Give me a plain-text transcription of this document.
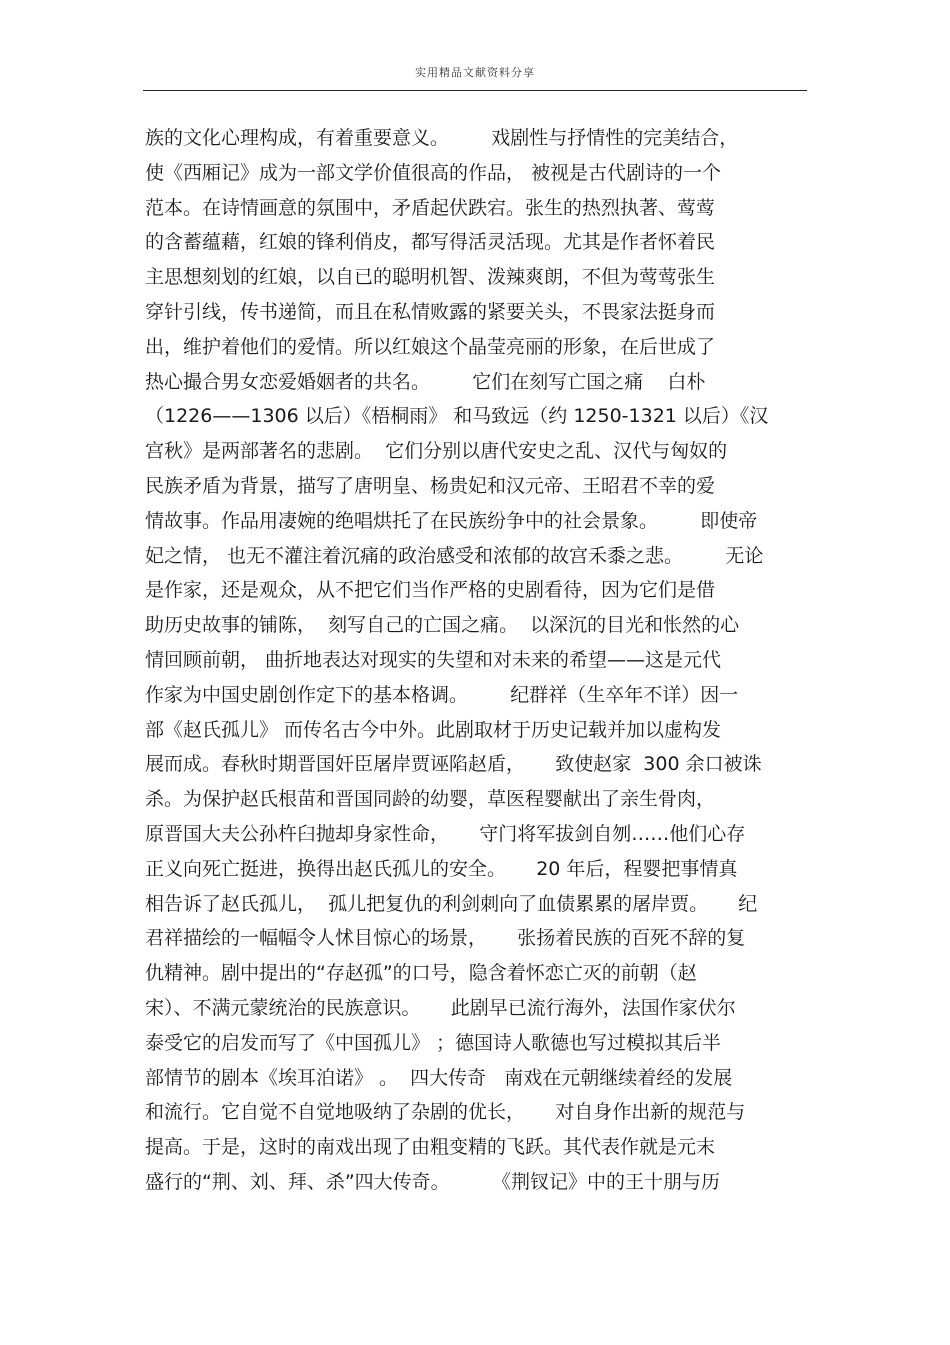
实用精品文献资料分享
族的文化心理构成，有着重要意义。       戏剧性与抒情性的完美结合，
使《西厢记》成为一部文学价值很高的作品， 被视是古代剧诗的一个
范本。在诗情画意的氛围中，矛盾起伏跌宕。张生的热烈执著、莺莺
的含蓄蕴藉，红娘的锋利俏皮，都写得活灵活现。尤其是作者怀着民
主思想刻划的红娘，以自已的聪明机智、泼辣爽朗，不但为莺莺张生
穿针引线，传书递简，而且在私情败露的紧要关头，不畏家法挺身而
出，维护着他们的爱情。所以红娘这个晶莹亮丽的形象，在后世成了
热心撮合男女恋爱婚姻者的共名。       它们在刻写亡国之痛    白朴
（1226——1306 以后）《梧桐雨》 和马致远（约 1250-1321 以后）《汉
宫秋》是两部著名的悲剧。  它们分别以唐代安史之乱、汉代与匈奴的
民族矛盾为背景，描写了唐明皇、杨贵妃和汉元帝、王昭君不幸的爱
情故事。作品用凄婉的绝唱烘托了在民族纷争中的社会景象。       即使帝
妃之情， 也无不灌注着沉痛的政治感受和浓郁的故宫禾黍之悲。       无论
是作家，还是观众，从不把它们当作严格的史剧看待，因为它们是借
助历史故事的铺陈，  刻写自己的亡国之痛。  以深沉的目光和怅然的心
情回顾前朝， 曲折地表达对现实的失望和对未来的希望——这是元代
作家为中国史剧创作定下的基本格调。       纪群祥（生卒年不详）因一
部《赵氏孤儿》 而传名古今中外。此剧取材于历史记载并加以虚构发
展而成。春秋时期晋国奸臣屠岸贾诬陷赵盾，     致使赵家  300 余口被诛
杀。为保护赵氏根苗和晋国同龄的幼婴，草医程婴献出了亲生骨肉，
原晋国大夫公孙杵臼抛却身家性命，     守门将军拔剑自刎……他们心存
正义向死亡挺进，换得出赵氏孤儿的安全。     20 年后，程婴把事情真
相告诉了赵氏孤儿，  孤儿把复仇的利剑刺向了血债累累的屠岸贾。     纪
君祥描绘的一幅幅令人怵目惊心的场景，     张扬着民族的百死不辞的复
仇精神。剧中提出的“存赵孤”的口号，隐含着怀恋亡灭的前朝（赵
宋）、不满元蒙统治的民族意识。     此剧早已流行海外，法国作家伏尔
泰受它的启发而写了《中国孤儿》 ；德国诗人歌德也写过模拟其后半
部情节的剧本《埃耳泊诺》 。  四大传奇   南戏在元朝继续着经的发展
和流行。它自觉不自觉地吸纳了杂剧的优长，     对自身作出新的规范与
提高。于是，这时的南戏出现了由粗变精的飞跃。其代表作就是元末
盛行的“荆、刘、拜、杀”四大传奇。       《荆钗记》中的王十朋与历
